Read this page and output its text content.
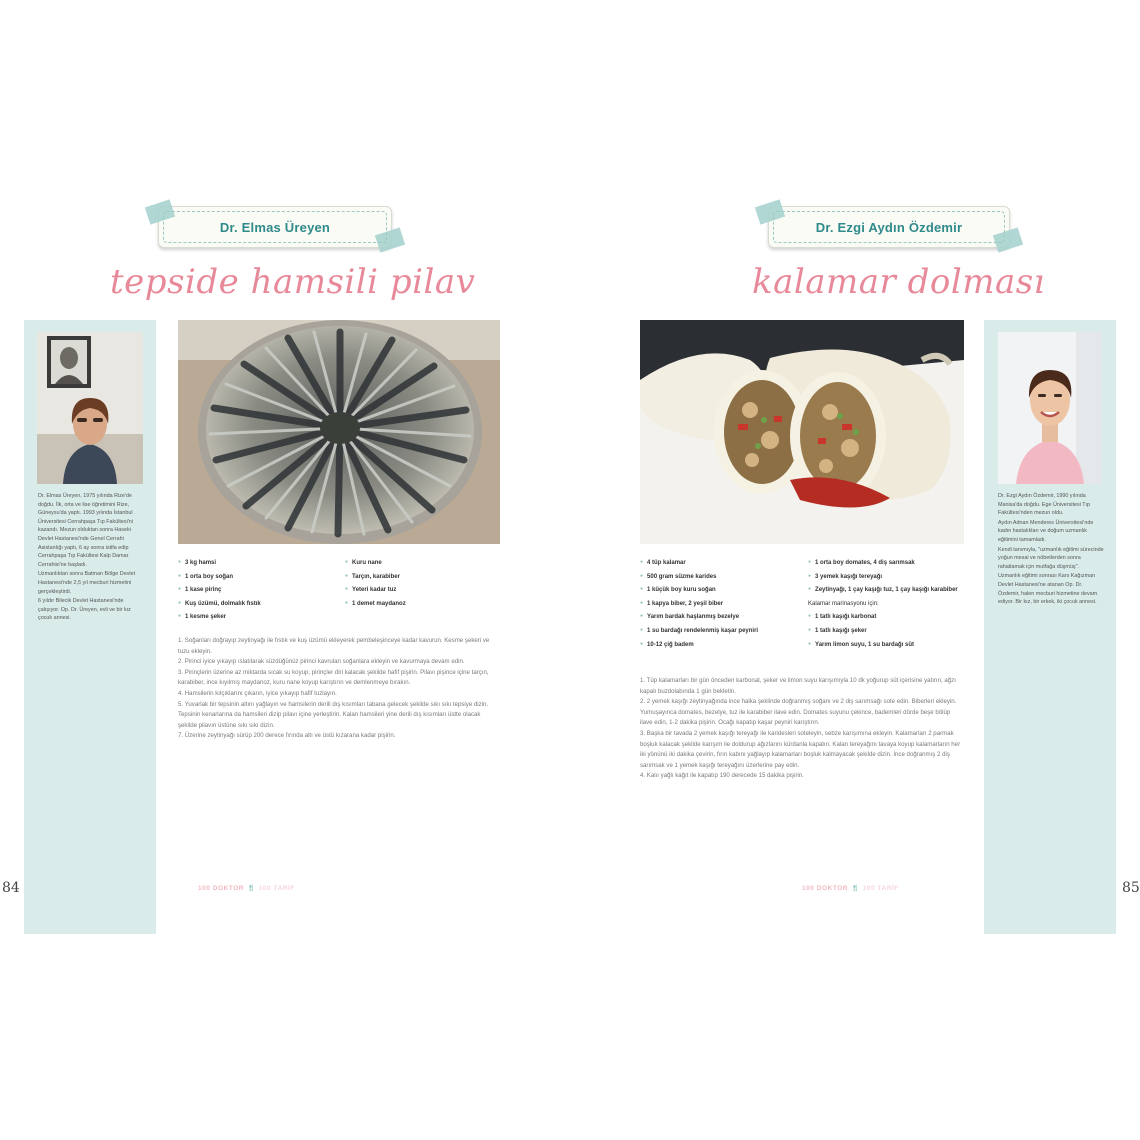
Dr. Elmas Üreyen
tepside hamsili pilav

Dr. Elmas Üreyen, 1975 yılında Rize'de doğdu. İlk, orta ve lise öğretimini Rize, Güneysu'da yaptı. 1993 yılında İstanbul Üniversitesi Cerrahpaşa Tıp Fakültesi'ni kazandı. Mezun olduktan sonra Haseki Devlet Hastanesi'nde Genel Cerrahi Asistanlığı yaptı, 6 ay sonra istifa edip Cerrahpaşa Tıp Fakültesi Kalp Damar Cerrahisi'ne başladı.

Uzmanlıktan sonra Batman Bölge Devlet Hastanesi'nde 2,5 yıl mecburi hizmetini gerçekleştirdi.

6 yıldır Bilecik Devlet Hastanesi'nde çalışıyor. Op. Dr. Üreyen, evli ve bir kız çocuk annesi.

● 3 kg hamsi
● 1 orta boy soğan
● 1 kase pirinç
● Kuş üzümü, dolmalık fıstık
● 1 kesme şeker
● Kuru nane
● Tarçın, karabiber
● Yeteri kadar tuz
● 1 demet maydanoz

1. Soğanları doğrayıp zeytinyağı ile fıstık ve kuş üzümü ekleyerek pembeleşinceye kadar kavurun. Kesme şekeri ve tuzu ekleyin.

2. Pirinci iyice yıkayıp ıslatılarak süzdüğünüz pirinci kavrulan soğanlara ekleyin ve kavurmaya devam edin.

3. Pirinçlerin üzerine az miktarda sıcak su koyup, pirinçler diri kalacak şekilde hafif pişirin. Pilavı pişince içine tarçın, karabiber, ince kıyılmış maydanoz, kuru nane koyup karıştırın ve demlenmeye bırakın.

4. Hamsilerin kılçıklarını çıkarın, iyice yıkayıp hafif tuzlayın.

5. Yuvarlak bir tepsinin altını yağlayın ve hamsilerin derili dış kısımları tabana gelecek şekilde sıkı sıkı tepsiye dizin. Tepsinin kenarlarına da hamsileri dizip pilavı içine yerleştirin. Kalan hamsileri yine derili dış kısımları üstte olacak şekilde pilavın üstüne sıkı sıkı dizin.

7. Üzerine zeytinyağı sürüp 200 derece fırında altı ve üstü kızarana kadar pişirin.

100 DOKTOR 🍴︎ 100 TARİF
84
Dr. Ezgi Aydın Özdemir
kalamar dolması
● 4 tüp kalamar
● 500 gram süzme karides
● 1 küçük boy kuru soğan
● 1 kapya biber, 2 yeşil biber
● Yarım bardak haşlanmış bezelye
● 1 su bardağı rendelenmiş kaşar peyniri
● 10-12 çiğ badem
● 1 orta boy domates, 4 diş sarımsak
● 3 yemek kaşığı tereyağı
● Zeytinyağı, 1 çay kaşığı tuz, 1 çay kaşığı karabiber
Kalamar marinasyonu için:
● 1 tatlı kaşığı karbonat
● 1 tatlı kaşığı şeker
● Yarım limon suyu, 1 su bardağı süt

1. Tüp kalamarları bir gün önceden karbonat, şeker ve limon suyu karışımıyla 10 dk yoğurup süt içerisine yatırın, ağzı kapalı buzdolabında 1 gün bekletin.

2. 2 yemek kaşığı zeytinyağında ince halka şeklinde doğranmış soğanı ve 2 diş sarımsağı sote edin. Biberleri ekleyin. Yumuşayınca domates, bezelye, tuz ile karabiber ilave edin. Domates suyunu çekince, bademleri dörde beşe bölüp ilave edin, 1-2 dakika pişirin. Ocağı kapatıp kaşar peyniri karıştırın.

3. Başka bir tavada 2 yemek kaşığı tereyağı ile karidesleri soteleyin, sebze karışımına ekleyin. Kalamarları 2 parmak boşluk kalacak şekilde karışım ile doldurup ağızlarını kürdanla kapatın. Kalan tereyağını tavaya koyup kalamarların her iki yönünü iki dakika çevirin, fırın kabını yağlayıp kalamarları boşluk kalmayacak şekilde dizin. İnce doğranmış 2 diş sarımsak ve 1 yemek kaşığı tereyağını üzerlerine pay edin.

4. Kalıı yağlı kağıt ile kapatıp 190 derecede 15 dakika pişirin.

Dr. Ezgi Aydın Özdemir, 1990 yılında Manisa'da doğdu. Ege Üniversitesi Tıp Fakültesi'nden mezun oldu.

Aydın Adnan Menderes Üniversitesi'nde kadın hastalıkları ve doğum uzmanlık eğitimini tamamladı.

Kendi tanımıyla, "uzmanlık eğitimi sürecinde yoğun mesai ve nöbetlerden sonra rahatlamak için mutfağa düşmüş".

Uzmanlık eğitimi sonrası Kars Kağızman Devlet Hastanesi'ne atanan Op. Dr. Özdemir, halen mecburi hizmetine devam ediyor. Bir kız, bir erkek, iki çocuk annesi.

100 DOKTOR 🍴︎ 100 TARİF	85
